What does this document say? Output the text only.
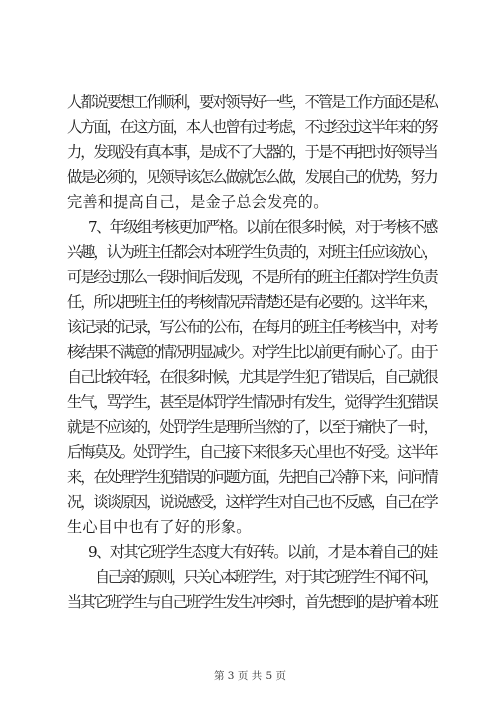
人都说要想工作顺利，要对领导好一些，不管是工作方面还是私
人方面，在这方面，本人也曾有过考虑，不过经过这半年来的努
力，发现没有真本事，是成不了大器的，于是不再把讨好领导当
做是必须的，见领导该怎么做就怎么做，发展自己的优势，努力
完善和提高自己，是金子总会发亮的。
7、年级组考核更加严格。以前在很多时候，对于考核不感
兴趣，认为班主任都会对本班学生负责的，对班主任应该放心，
可是经过那么一段时间后发现，不是所有的班主任都对学生负责
任，所以把班主任的考核情况弄清楚还是有必要的。这半年来，
该记录的记录，写公布的公布，在每月的班主任考核当中，对考
核结果不满意的情况明显减少。对学生比以前更有耐心了。由于
自己比较年轻，在很多时候，尤其是学生犯了错误后，自己就很
生气，骂学生，甚至是体罚学生情况时有发生，觉得学生犯错误
就是不应该的，处罚学生是理所当然的了，以至于痛快了一时，
后悔莫及。处罚学生，自己接下来很多天心里也不好受。这半年
来，在处理学生犯错误的问题方面，先把自己冷静下来，问问情
况，谈谈原因，说说感受，这样学生对自己也不反感，自己在学
生心目中也有了好的形象。
9、对其它班学生态度大有好转。以前，才是本着自己的娃
自己亲的原则，只关心本班学生，对于其它班学生不闻不问，
当其它班学生与自己班学生发生冲突时，首先想到的是护着本班
第 3 页 共 5 页
